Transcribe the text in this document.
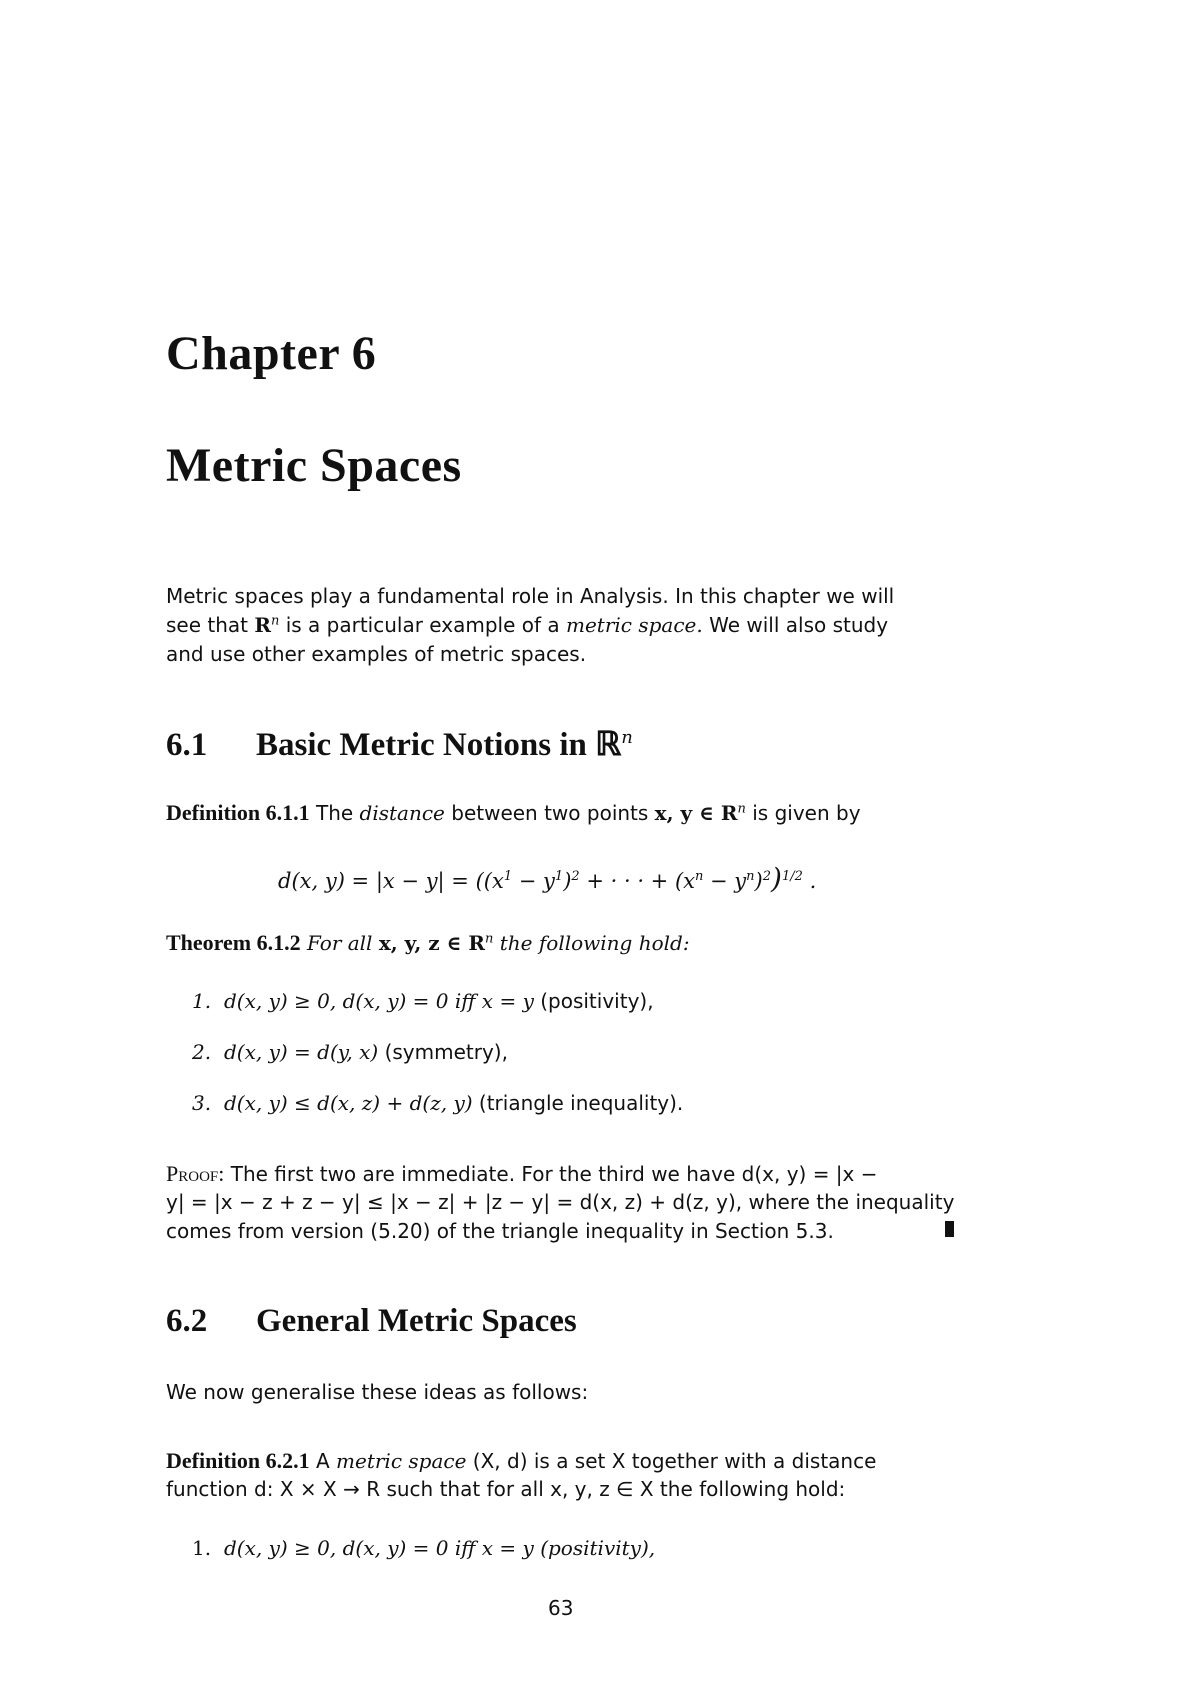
Chapter 6
Metric Spaces
Metric spaces play a fundamental role in Analysis. In this chapter we will
see that $R^n$ is a particular example of a metric space. We will also study
and use other examples of metric spaces.
6.1 Basic Metric Notions in ℝ$^n$
Definition 6.1.1 The distance between two points x, y ∈ $R^n$ is given by
d(x, $y) = |x - y| = ((x^1 - y^1)^2$ + · · · + $(x^n - y^n)^2)^{1/2}$ .
Theorem 6.1.2 For all x, y, z ∈ $R^n$ the following hold:
1. d(x, y) ≥ 0, d(x, y) = 0 iff x = y (positivity),
2. d(x, y) = d(y, x) (symmetry),
3. d(x, y) ≤ d(x, z) + d(z, y) (triangle inequality).
Proof: The first two are immediate. For the third we have d(x, y) = |x −
y| = |x − z + z − y| ≤ |x − z| + |z − y| = d(x, z) + d(z, y), where the inequality
comes from version (5.20) of the triangle inequality in Section 5.3.
6.2 General Metric Spaces
We now generalise these ideas as follows:
Definition 6.2.1 A metric space (X, d) is a set X together with a distance
function d: X × X → R such that for all x, y, z ∈ X the following hold:
1. d(x, y) ≥ 0, d(x, y) = 0 iff x = y (positivity),
63
